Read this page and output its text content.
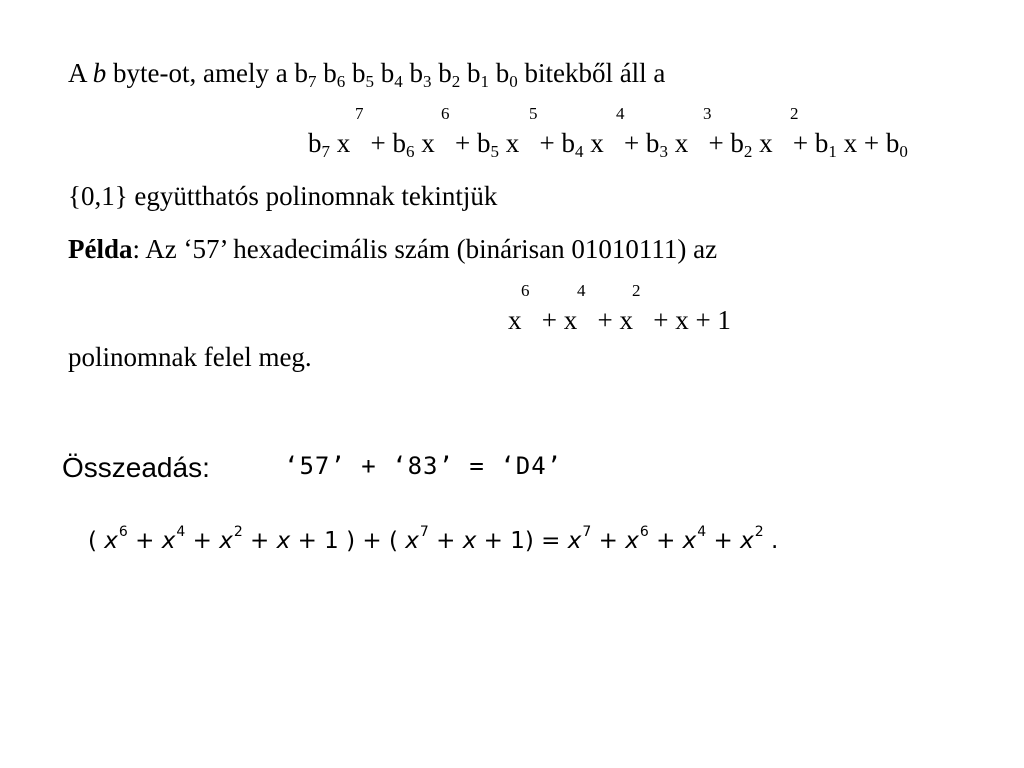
A b byte-ot, amely a $b_7$ $b_6$ $b_5$ $b_4$ $b_3$ $b_2$ $b_1$ $b_0$ bitekből áll a
7	6	5	4	3	2
$b_7$ $x + b_6$ $x + b_5$ $x + b_4$ $x + b_3$ $x + b_2$ $x + b_1$ $x + b_0$
{0,1} együtthatós polinomnak tekintjük
Példa: Az ‘57’ hexadecimális szám (binárisan 01010111) az
6	4	2
x + x + x + x + 1
polinomnak felel meg.
Összeadás:	‘57’ + ‘83’ = ‘D4’
( $x^6 + x^4 + x^2 + x + 1$ ) + ( $x^7 + x + 1) = x^7 + x^6 + x^4 + x^2$ .
